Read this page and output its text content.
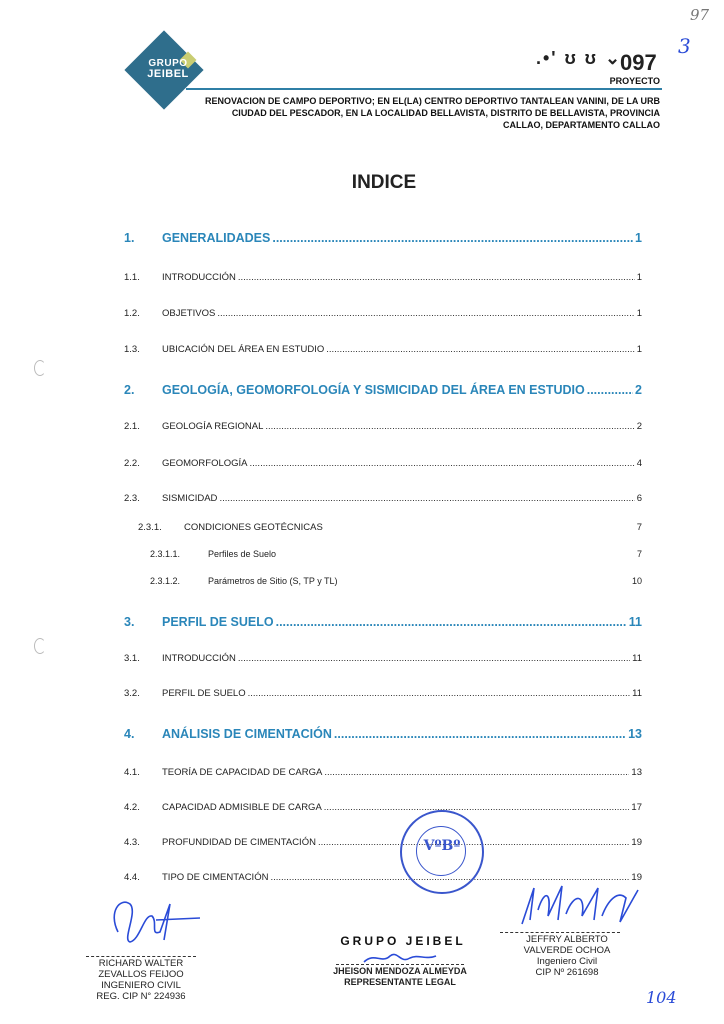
GRUPO
JEIBEL
97
.•' ʊ ʊ ⌄
097
3
PROYECTO
RENOVACION DE CAMPO DEPORTIVO; EN EL(LA) CENTRO DEPORTIVO TANTALEAN VANINI, DE LA URB
CIUDAD DEL PESCADOR, EN LA LOCALIDAD BELLAVISTA, DISTRITO DE BELLAVISTA, PROVINCIA
CALLAO, DEPARTAMENTO CALLAO
INDICE
1.	GENERALIDADES .....	1
1.1.	INTRODUCCIÓN .....	1
1.2.	OBJETIVOS .....	1
1.3.	UBICACIÓN DEL ÁREA EN ESTUDIO .....	1
2.	GEOLOGÍA, GEOMORFOLOGÍA Y SISMICIDAD DEL ÁREA EN ESTUDIO .....	2
2.1.	GEOLOGÍA REGIONAL .....	2
2.2.	GEOMORFOLOGÍA .....	4
2.3.	SISMICIDAD .....	6
2.3.1.	CONDICIONES GEOTÉCNICAS	7
2.3.1.1.	Perfiles de Suelo	7
2.3.1.2.	Parámetros de Sitio (S, TP y TL)	10
3.	PERFIL DE SUELO .....	11
3.1.	INTRODUCCIÓN .....	11
3.2.	PERFIL DE SUELO .....	11
4.	ANÁLISIS DE CIMENTACIÓN .....	13
4.1.	TEORÍA DE CAPACIDAD DE CARGA .....	13
4.2.	CAPACIDAD ADMISIBLE DE CARGA .....	17
4.3.	PROFUNDIDAD DE CIMENTACIÓN .....	19
4.4.	TIPO DE CIMENTACIÓN .....	19
VºBº
RICHARD WALTER
ZEVALLOS FEIJOO
INGENIERO CIVIL
REG. CIP N° 224936
GRUPO JEIBEL
JHEISON MENDOZA ALMEYDA
REPRESENTANTE LEGAL
JEFFRY ALBERTO
VALVERDE OCHOA
Ingeniero Civil
CIP Nº 261698
104
